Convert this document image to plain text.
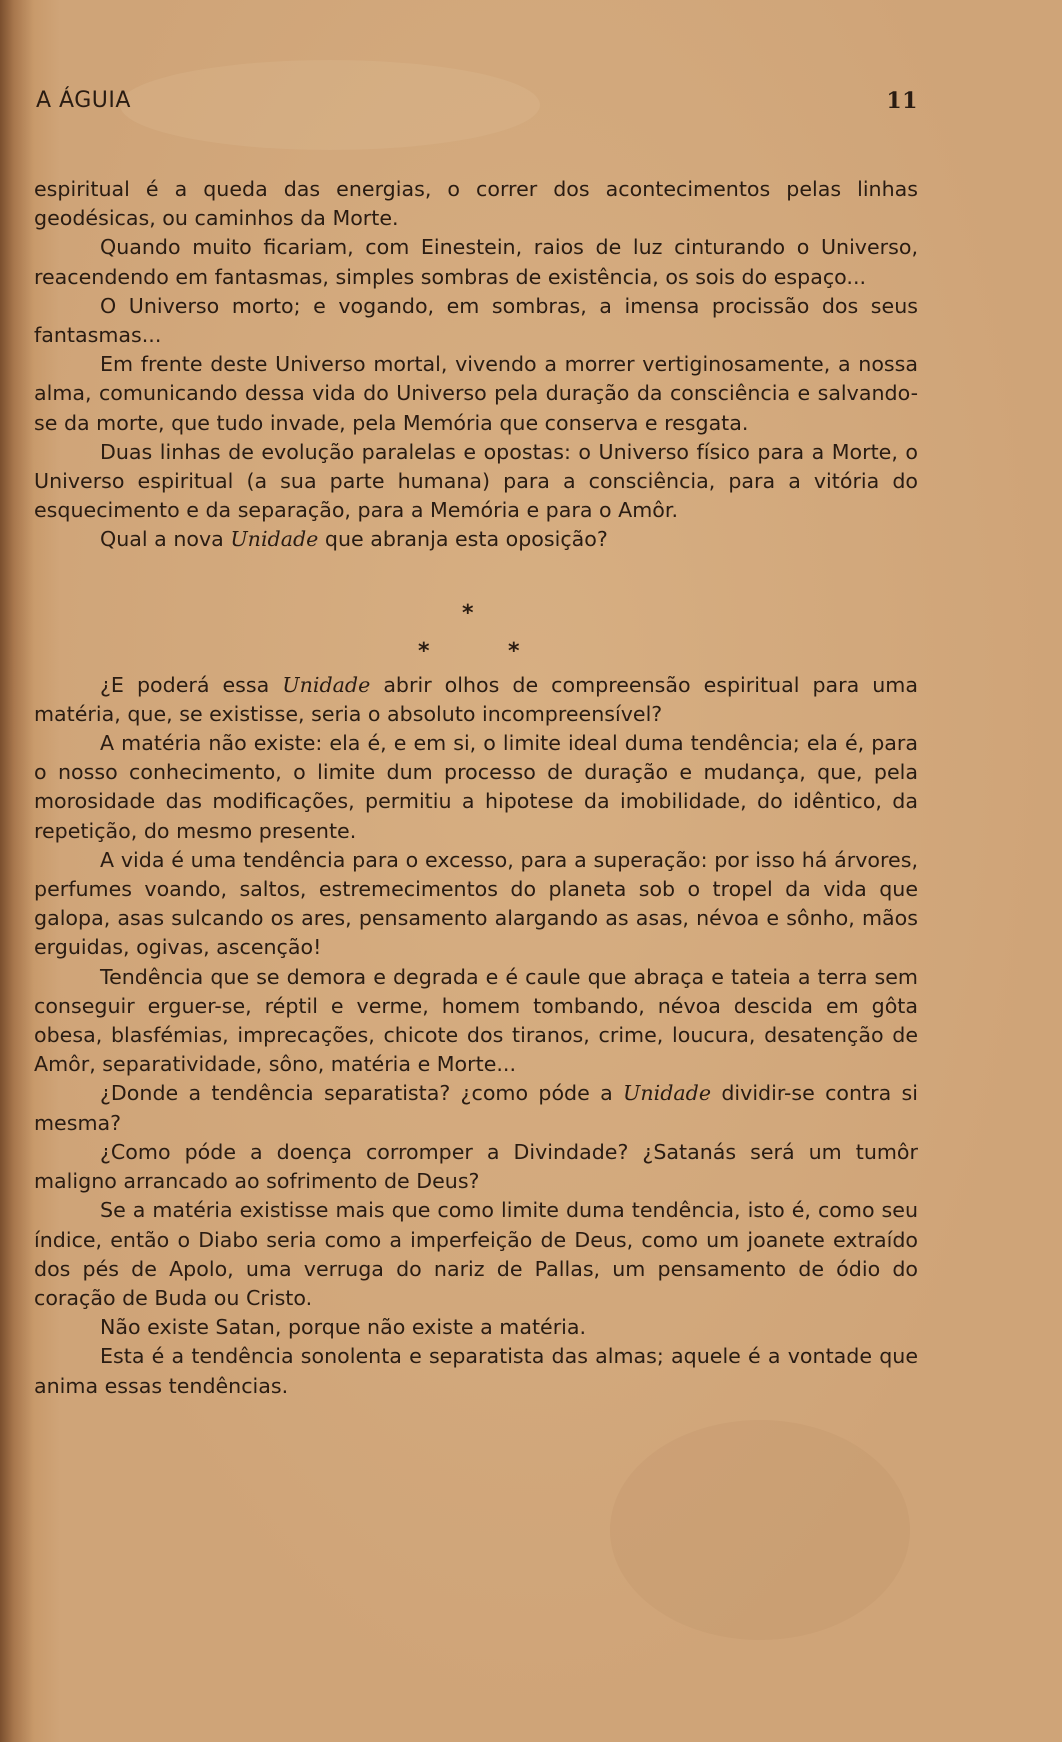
A ÁGUIA	11

espiritual é a queda das energias, o correr dos acontecimentos pelas linhas geodésicas, ou caminhos da Morte.

Quando muito ficariam, com Einestein, raios de luz cinturando o Universo, reacendendo em fantasmas, simples sombras de existência, os sois do espaço...

O Universo morto; e vogando, em sombras, a imensa procissão dos seus fantasmas...

Em frente deste Universo mortal, vivendo a morrer vertiginosamente, a nossa alma, comunicando dessa vida do Universo pela duração da consciência e salvando-se da morte, que tudo invade, pela Memória que conserva e resgata.

Duas linhas de evolução paralelas e opostas: o Universo físico para a Morte, o Universo espiritual (a sua parte humana) para a consciência, para a vitória do esquecimento e da separação, para a Memória e para o Amôr.

Qual a nova Unidade que abranja esta oposição?

*
*	*

¿E poderá essa Unidade abrir olhos de compreensão espiritual para uma matéria, que, se existisse, seria o absoluto incompreensível?

A matéria não existe: ela é, e em si, o limite ideal duma tendência; ela é, para o nosso conhecimento, o limite dum processo de duração e mudança, que, pela morosidade das modificações, permitiu a hipotese da imobilidade, do idêntico, da repetição, do mesmo presente.

A vida é uma tendência para o excesso, para a superação: por isso há árvores, perfumes voando, saltos, estremecimentos do planeta sob o tropel da vida que galopa, asas sulcando os ares, pensamento alargando as asas, névoa e sônho, mãos erguidas, ogivas, ascenção!

Tendência que se demora e degrada e é caule que abraça e tateia a terra sem conseguir erguer-se, réptil e verme, homem tombando, névoa descida em gôta obesa, blasfémias, imprecações, chicote dos tiranos, crime, loucura, desatenção de Amôr, separatividade, sôno, matéria e Morte...

¿Donde a tendência separatista? ¿como póde a Unidade dividir-se contra si mesma?

¿Como póde a doença corromper a Divindade? ¿Satanás será um tumôr maligno arrancado ao sofrimento de Deus?

Se a matéria existisse mais que como limite duma tendência, isto é, como seu índice, então o Diabo seria como a imperfeição de Deus, como um joanete extraído dos pés de Apolo, uma verruga do nariz de Pallas, um pensamento de ódio do coração de Buda ou Cristo.

Não existe Satan, porque não existe a matéria.

Esta é a tendência sonolenta e separatista das almas; aquele é a vontade que anima essas tendências.
